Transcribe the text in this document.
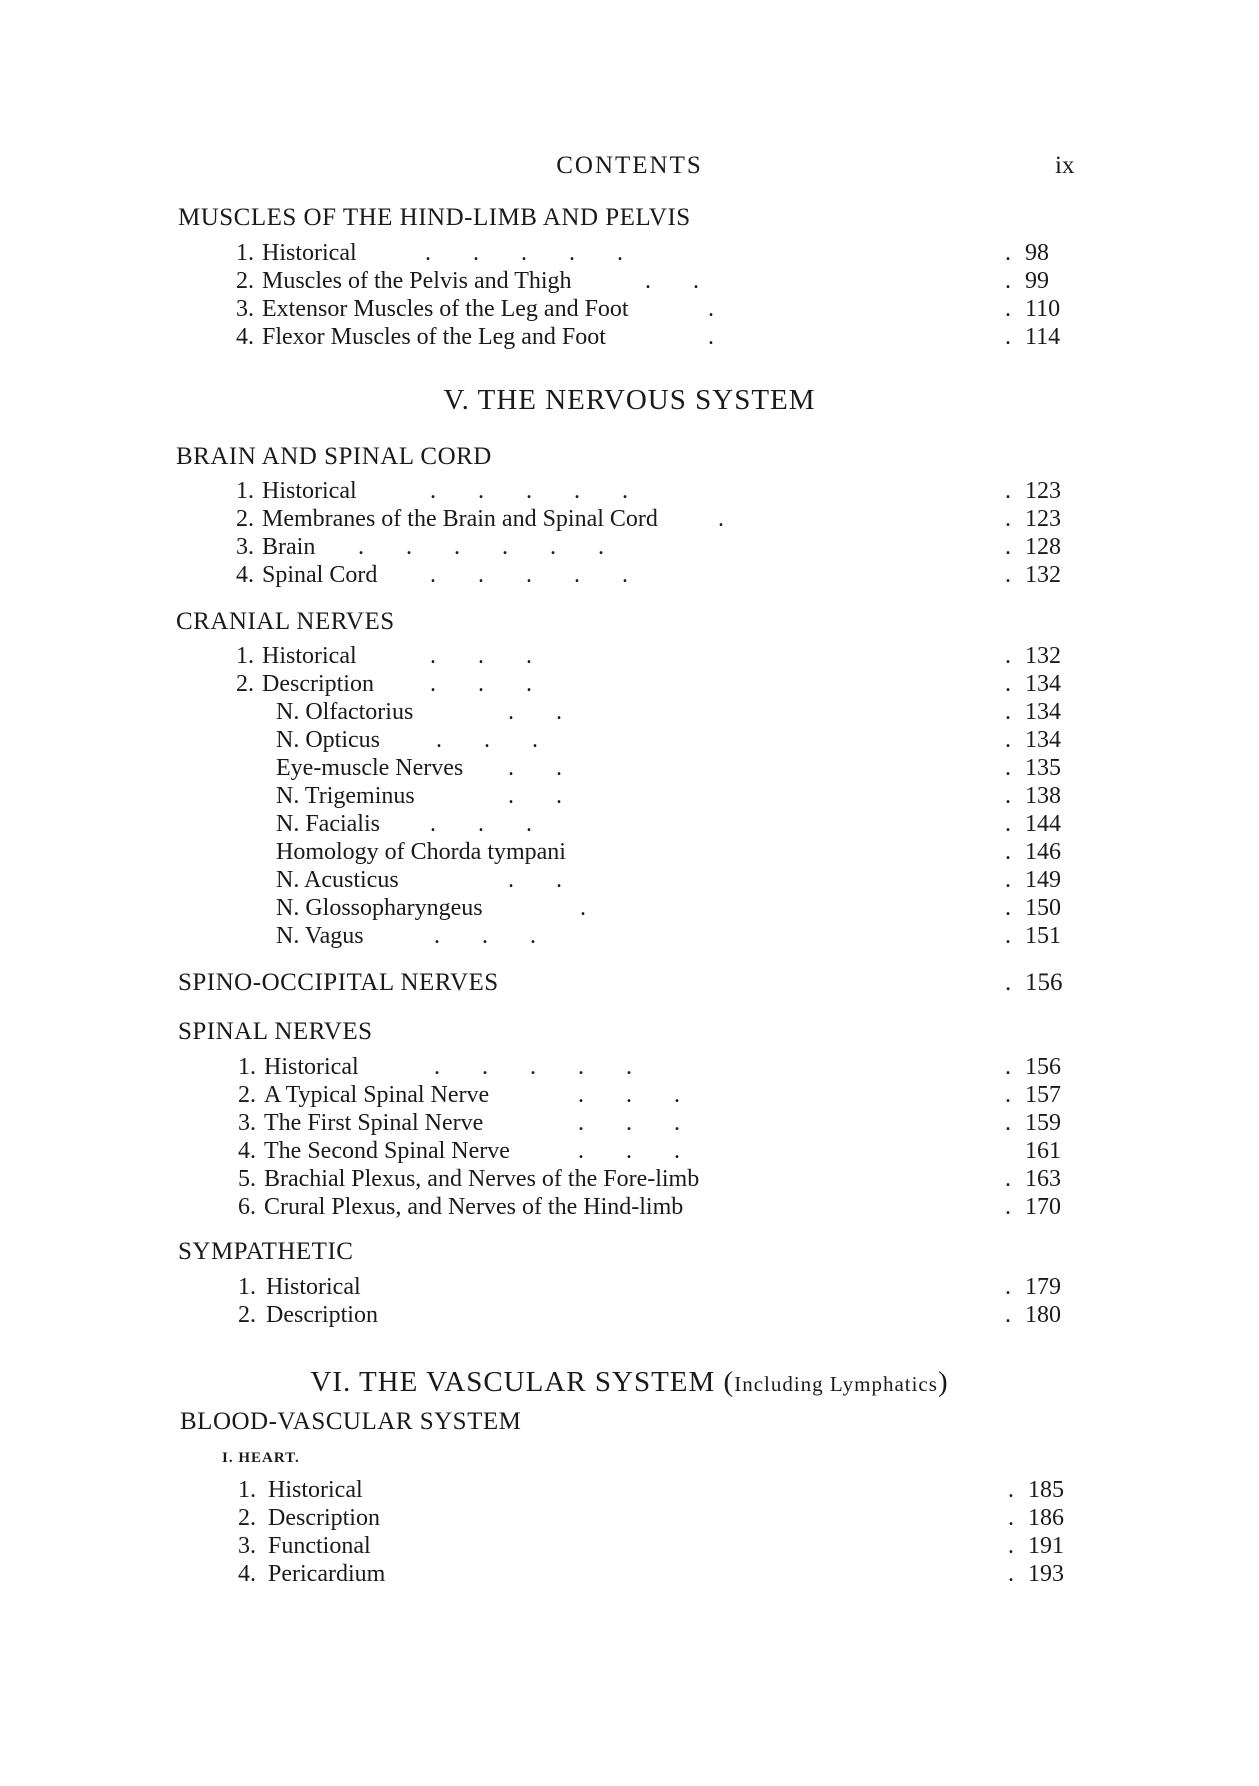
CONTENTS	ix
MUSCLES OF THE HIND-LIMB AND PELVIS
1. Historical	.       .       .       .       .	. 98
2. Muscles of the Pelvis and Thigh	.       .	. 99
3. Extensor Muscles of the Leg and Foot	.	. 110
4. Flexor Muscles of the Leg and Foot	.	. 114
V. THE NERVOUS SYSTEM
BRAIN AND SPINAL CORD
1. Historical	.       .       .       .       .	. 123
2. Membranes of the Brain and Spinal Cord	.	. 123
3. Brain .       .       .       .       .       .	. 128
4. Spinal Cord .       .       .       .       .	. 132
CRANIAL NERVES
1. Historical	.       .       .	. 132
2. Description .       .       .	. 134
N. Olfactorius	.       .	. 134
N. Opticus .       .       .	. 134
Eye-muscle Nerves .       .	. 135
N. Trigeminus	.       .	. 138
N. Facialis .       .       .	. 144
Homology of Chorda tympani	. 146
N. Acusticus	.       .	. 149
N. Glossopharyngeus	.	. 150
N. Vagus	.       .       .	. 151
SPINO-OCCIPITAL NERVES	. 156
SPINAL NERVES
1. Historical	.       .       .       .       .	. 156
2. A Typical Spinal Nerve	.       .       .	. 157
3. The First Spinal Nerve	.       .       .	. 159
4. The Second Spinal Nerve	.       .       .	161
5. Brachial Plexus, and Nerves of the Fore-limb	. 163
6. Crural Plexus, and Nerves of the Hind-limb	. 170
SYMPATHETIC
1. Historical	. 179
2. Description	. 180
VI. THE VASCULAR SYSTEM (Including Lymphatics)
BLOOD-VASCULAR SYSTEM
I. HEART.
1. Historical	. 185
2. Description	. 186
3. Functional	. 191
4. Pericardium	. 193
